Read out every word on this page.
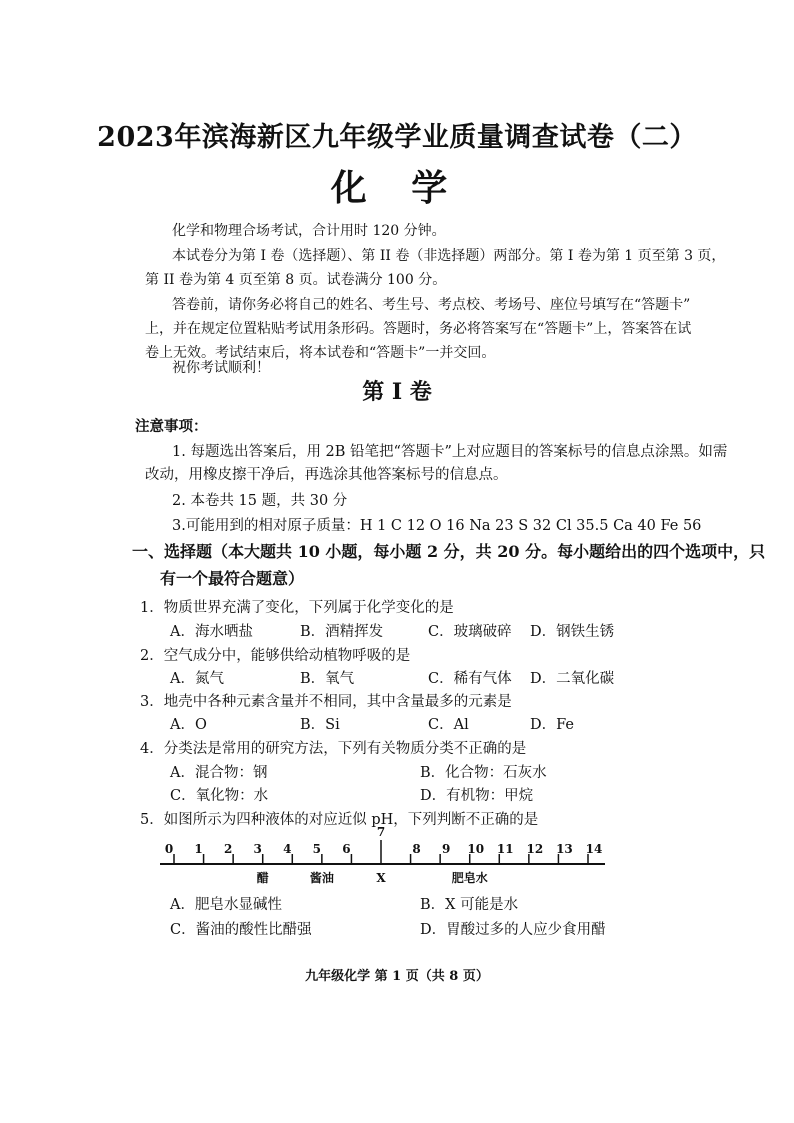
2023年滨海新区九年级学业质量调查试卷（二）
化 学
化学和物理合场考试，合计用时 120 分钟。
本试卷分为第 I 卷（选择题）、第 II 卷（非选择题）两部分。第 I 卷为第 1 页至第 3 页，
第 II 卷为第 4 页至第 8 页。试卷满分 100 分。
答卷前，请你务必将自己的姓名、考生号、考点校、考场号、座位号填写在“答题卡”
上，并在规定位置粘贴考试用条形码。答题时，务必将答案写在“答题卡”上，答案答在试
卷上无效。考试结束后，将本试卷和“答题卡”一并交回。
祝你考试顺利！
第 I 卷
注意事项：
1. 每题选出答案后，用 2B 铅笔把“答题卡”上对应题目的答案标号的信息点涂黑。如需
改动，用橡皮擦干净后，再选涂其他答案标号的信息点。
2. 本卷共 15 题，共 30 分
3.可能用到的相对原子质量：H 1 C 12 O 16 Na 23 S 32 Cl 35.5 Ca 40 Fe 56
一、选择题（本大题共 10 小题，每小题 2 分，共 20 分。每小题给出的四个选项中，只
有一个最符合题意）
1．物质世界充满了变化，下列属于化学变化的是
A．海水晒盐	B．酒精挥发	C．玻璃破碎 D．钢铁生锈
2．空气成分中，能够供给动植物呼吸的是
A．氮气	B．氧气	C．稀有气体 D．二氧化碳
3．地壳中各种元素含量并不相同，其中含量最多的元素是
A．O	B．Si	C．Al	D．Fe
4．分类法是常用的研究方法，下列有关物质分类不正确的是
A．混合物：钢	B．化合物：石灰水
C．氧化物：水	D．有机物：甲烷
5．如图所示为四种液体的对应近似 pH，下列判断不正确的是
0 1 2 3 4 5 6
7
8 9 10 11 12 13 14
醋	酱油	X	肥皂水
A．肥皂水显碱性	B．X 可能是水
C．酱油的酸性比醋强	D．胃酸过多的人应少食用醋
九年级化学 第 1 页（共 8 页）
